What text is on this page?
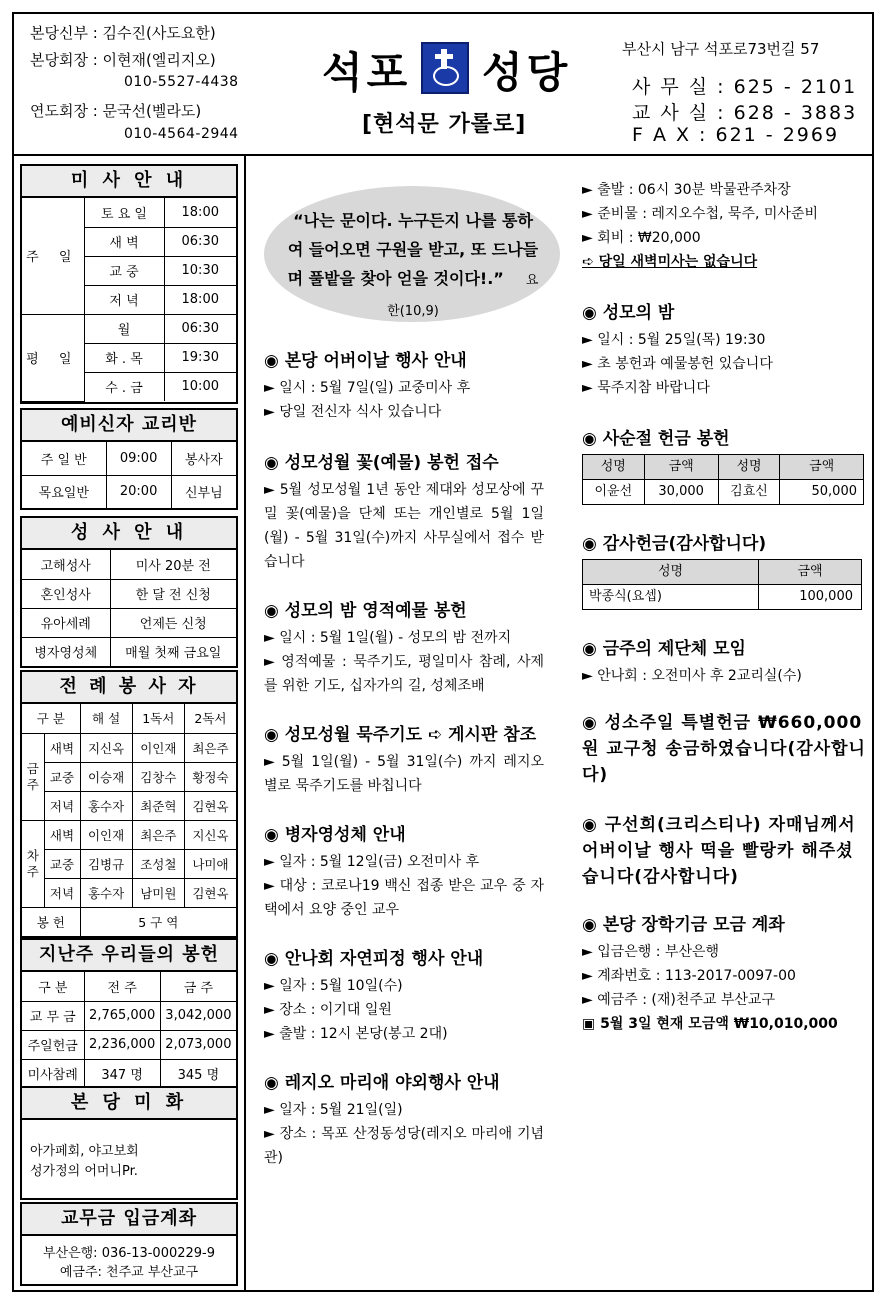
본당신부 : 김수진(사도요한)
본당회장 : 이현재(엘리지오)
010-5527-4438
연도회장 : 문국선(벨라도)
010-4564-2944
석포 성당
[현석문 가롤로]
부산시 남구 석포로73번길 57
사 무 실 : 625 - 2101
교 사 실 : 628 - 3883
F A X : 621 - 2969
미 사 안 내
주 일	토 요 일	18:00
	새 벽	06:30
	교 중	10:30
	저 녁	18:00
평 일	월	06:30
	화 . 목	19:30
	수 . 금	10:00
예비신자 교리반
주 일 반	09:00	봉사자
목요일반	20:00	신부님
성 사 안 내
고해성사	미사 20분 전
혼인성사	한 달 전 신청
유아세례	언제든 신청
병자영성체	매월 첫째 금요일
전 례 봉 사 자
구 분		해 설	1독서	2독서
금주	새벽	지신옥	이인재	최은주
	교중	이승재	김창수	황정숙
	저녁	홍수자	최준혁	김현옥
차주	새벽	이인재	최은주	지신옥
	교중	김병규	조성철	나미애
	저녁	홍수자	남미원	김현옥
봉 헌		5 구 역		
지난주 우리들의 봉헌
구 분	전 주	금 주
교 무 금	2,765,000	3,042,000
주일헌금	2,236,000	2,073,000
미사참례	347 명	345 명
본 당 미 화
아가페회, 야고보회
성가정의 어머니Pr.
교무금 입금계좌
부산은행: 036-13-000229-9
예금주: 천주교 부산교구
“나는 문이다. 누구든지 나를 통하여 들어오면 구원을 받고, 또 드나들며 풀밭을 찾아 얻을 것이다!.” 요한(10,9)
◉ 본당 어버이날 행사 안내
► 일시 : 5월 7일(일) 교중미사 후
► 당일 전신자 식사 있습니다
◉ 성모성월 꽃(예물) 봉헌 접수
► 5월 성모성월 1년 동안 제대와 성모상에 꾸밀 꽃(예물)을 단체 또는 개인별로 5월 1일(월) - 5월 31일(수)까지 사무실에서 접수 받습니다
◉ 성모의 밤 영적예물 봉헌
► 일시 : 5월 1일(월) - 성모의 밤 전까지
► 영적예물 : 묵주기도, 평일미사 참례, 사제를 위한 기도, 십자가의 길, 성체조배
◉ 성모성월 묵주기도 ➪ 게시판 참조
► 5월 1일(월) - 5월 31일(수) 까지 레지오 별로 묵주기도를 바칩니다
◉ 병자영성체 안내
► 일자 : 5월 12일(금) 오전미사 후
► 대상 : 코로나19 백신 접종 받은 교우 중 자택에서 요양 중인 교우
◉ 안나회 자연피정 행사 안내
► 일자 : 5월 10일(수)
► 장소 : 이기대 일원
► 출발 : 12시 본당(봉고 2대)
◉ 레지오 마리애 야외행사 안내
► 일자 : 5월 21일(일)
► 장소 : 목포 산정동성당(레지오 마리애 기념관)
► 출발 : 06시 30분 박물관주차장
► 준비물 : 레지오수첩, 묵주, 미사준비
► 회비 : ₩20,000
➪ 당일 새벽미사는 없습니다
◉ 성모의 밤
► 일시 : 5월 25일(목) 19:30
► 초 봉헌과 예물봉헌 있습니다
► 묵주지참 바랍니다
◉ 사순절 헌금 봉헌
성명	금액	성명	금액
이윤선	30,000	김효신	50,000
◉ 감사헌금(감사합니다)
성명	금액
박종식(요셉)	100,000
◉ 금주의 제단체 모임
► 안나회 : 오전미사 후 2교리실(수)
◉ 성소주일 특별헌금 ₩660,000원 교구청 송금하였습니다(감사합니다)
◉ 구선희(크리스티나) 자매님께서 어버이날 행사 떡을 빨랑카 해주셨습니다(감사합니다)
◉ 본당 장학기금 모금 계좌
► 입금은행 : 부산은행
► 계좌번호 : 113-2017-0097-00
► 예금주 : (재)천주교 부산교구
▣ 5월 3일 현재 모금액 ₩10,010,000
